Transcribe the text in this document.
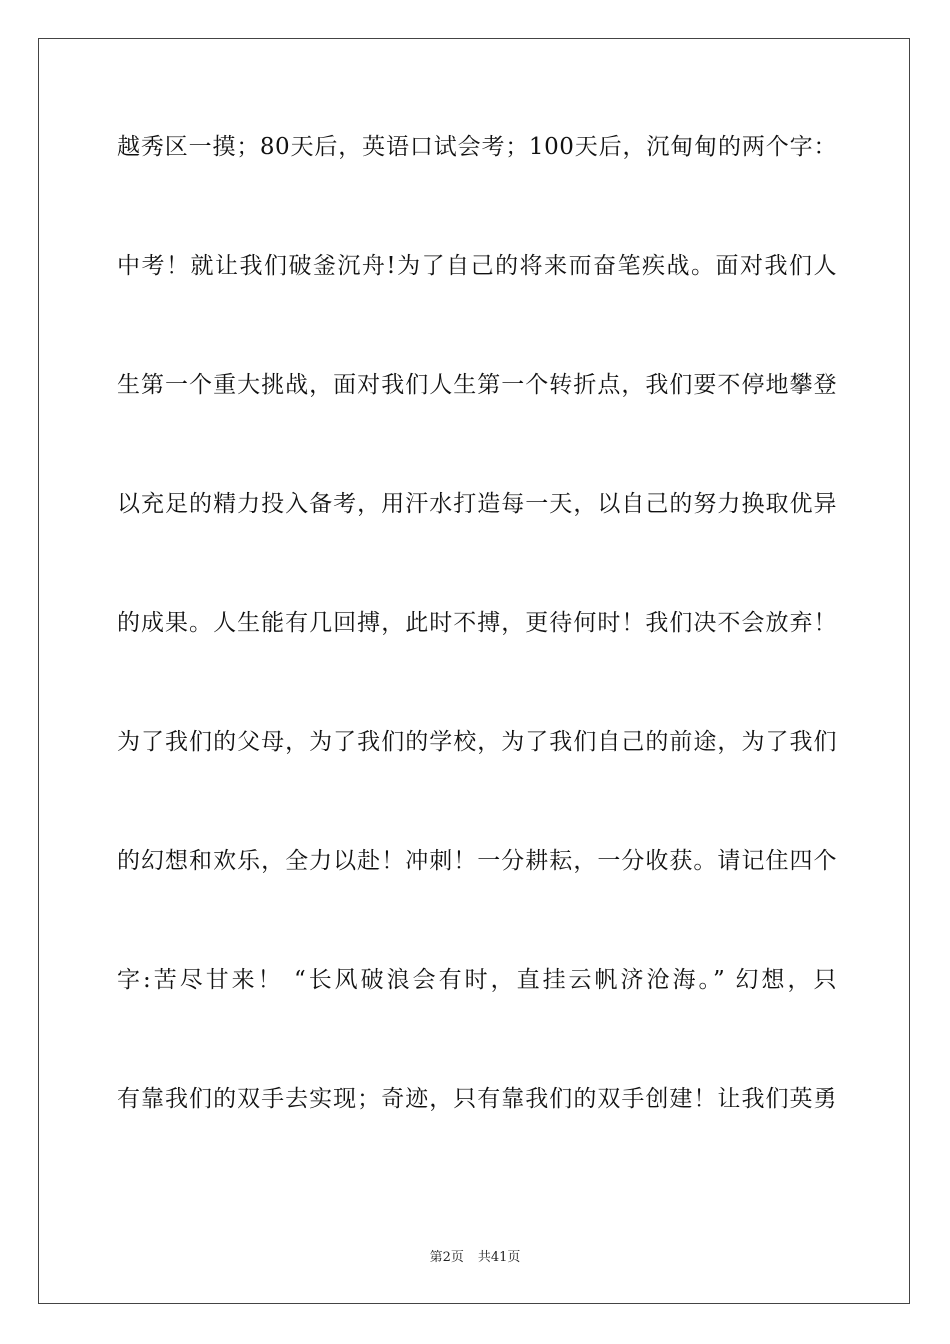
越秀区一摸；80天后，英语口试会考；100天后，沉甸甸的两个字：
中考！就让我们破釜沉舟!为了自己的将来而奋笔疾战。面对我们人
生第一个重大挑战，面对我们人生第一个转折点，我们要不停地攀登
以充足的精力投入备考，用汗水打造每一天，以自己的努力换取优异
的成果。人生能有几回搏，此时不搏，更待何时！我们决不会放弃！
为了我们的父母，为了我们的学校，为了我们自己的前途，为了我们
的幻想和欢乐，全力以赴！冲刺！一分耕耘，一分收获。请记住四个
字:苦尽甘来！ “长风破浪会有时，直挂云帆济沧海。” 幻想，只
有靠我们的双手去实现；奇迹，只有靠我们的双手创建！让我们英勇
第2页 共41页
